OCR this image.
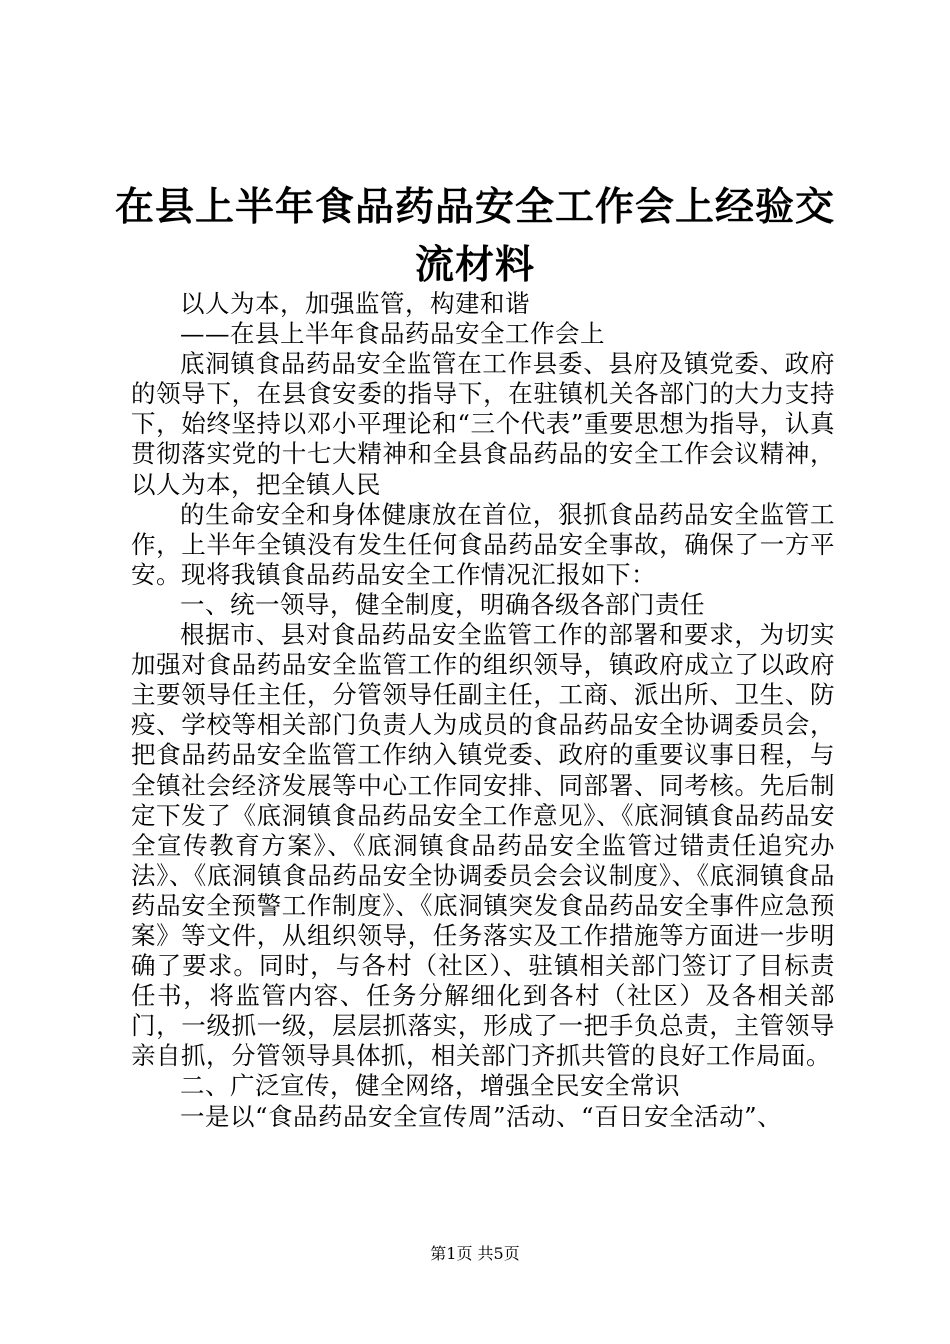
在县上半年食品药品安全工作会上经验交流材料

以人为本，加强监管，构建和谐

——在县上半年食品药品安全工作会上

底洞镇食品药品安全监管在工作县委、县府及镇党委、政府的领导下，在县食安委的指导下，在驻镇机关各部门的大力支持下，始终坚持以邓小平理论和“三个代表”重要思想为指导，认真贯彻落实党的十七大精神和全县食品药品的安全工作会议精神，以人为本，把全镇人民

的生命安全和身体健康放在首位，狠抓食品药品安全监管工作，上半年全镇没有发生任何食品药品安全事故，确保了一方平安。现将我镇食品药品安全工作情况汇报如下：

一、统一领导，健全制度，明确各级各部门责任

根据市、县对食品药品安全监管工作的部署和要求，为切实加强对食品药品安全监管工作的组织领导，镇政府成立了以政府主要领导任主任，分管领导任副主任，工商、派出所、卫生、防疫、学校等相关部门负责人为成员的食品药品安全协调委员会，把食品药品安全监管工作纳入镇党委、政府的重要议事日程，与全镇社会经济发展等中心工作同安排、同部署、同考核。先后制定下发了《底洞镇食品药品安全工作意见》、《底洞镇食品药品安全宣传教育方案》、《底洞镇食品药品安全监管过错责任追究办法》、《底洞镇食品药品安全协调委员会会议制度》、《底洞镇食品药品安全预警工作制度》、《底洞镇突发食品药品安全事件应急预案》等文件，从组织领导，任务落实及工作措施等方面进一步明确了要求。同时，与各村（社区）、驻镇相关部门签订了目标责任书，将监管内容、任务分解细化到各村（社区）及各相关部门，一级抓一级，层层抓落实，形成了一把手负总责，主管领导亲自抓，分管领导具体抓，相关部门齐抓共管的良好工作局面。

二、广泛宣传，健全网络，增强全民安全常识

一是以“食品药品安全宣传周”活动、“百日安全活动”、

第1页 共5页
